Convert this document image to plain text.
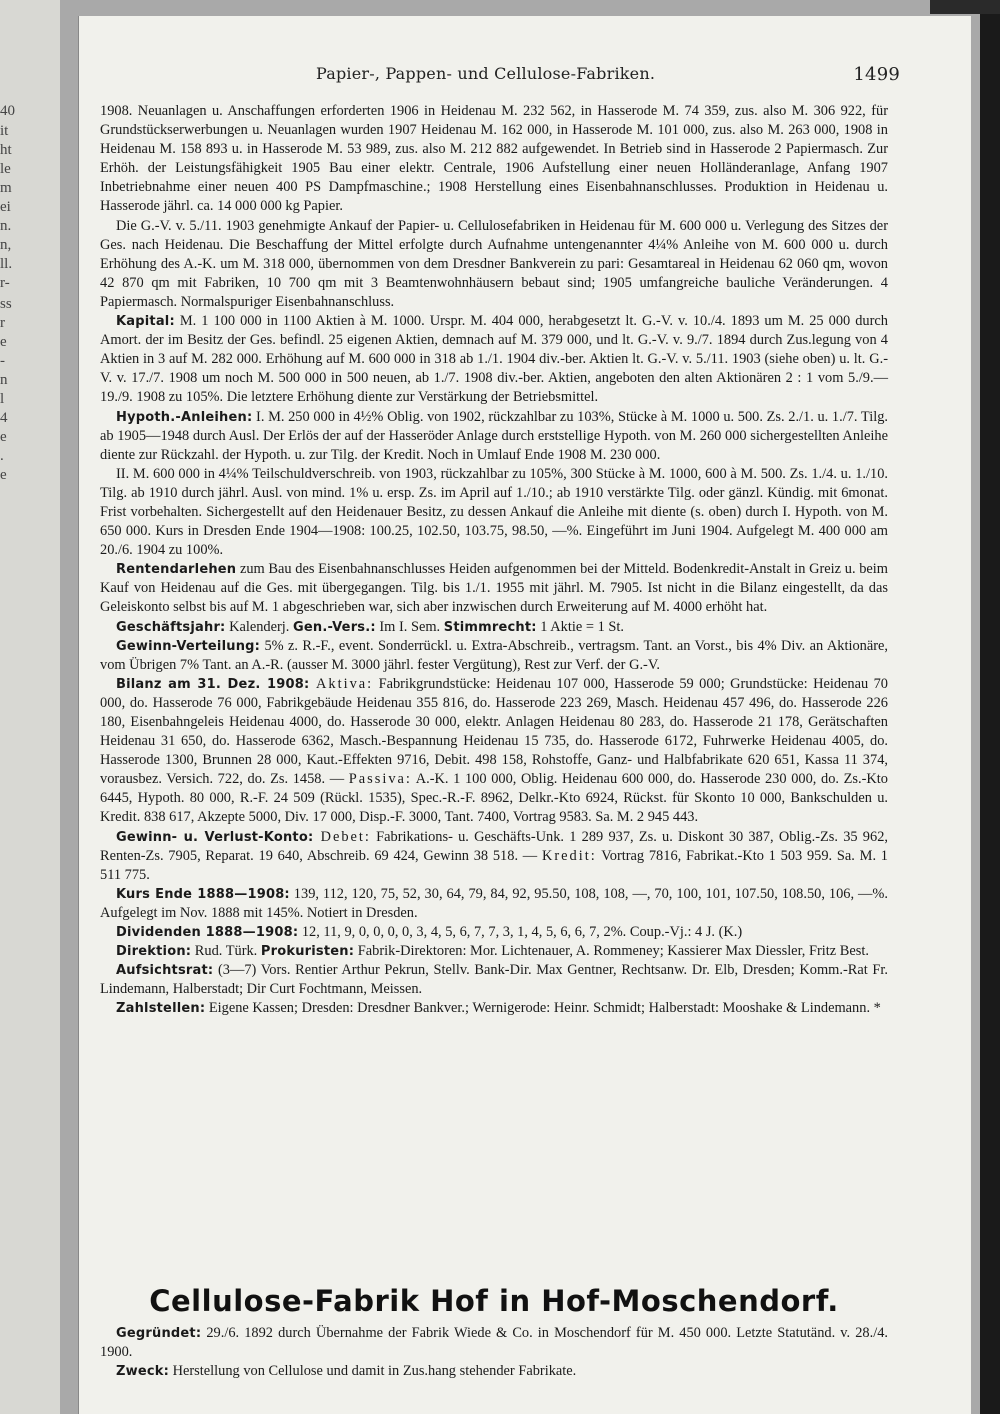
40
it
ht
le
m
ei
n.
n,
ll.
r-
ss
r
e
-
n
l
4
e
.
e
Papier-, Pappen- und Cellulose-Fabriken.	1499

1908. Neuanlagen u. Anschaffungen erforderten 1906 in Heidenau M. 232 562, in Hasserode M. 74 359, zus. also M. 306 922, für Grundstückserwerbungen u. Neuanlagen wurden 1907 Heidenau M. 162 000, in Hasserode M. 101 000, zus. also M. 263 000, 1908 in Heidenau M. 158 893 u. in Hasserode M. 53 989, zus. also M. 212 882 aufgewendet. In Betrieb sind in Hasserode 2 Papiermasch. Zur Erhöh. der Leistungsfähigkeit 1905 Bau einer elektr. Centrale, 1906 Aufstellung einer neuen Holländeranlage, Anfang 1907 Inbetriebnahme einer neuen 400 PS Dampfmaschine.; 1908 Herstellung eines Eisenbahnanschlusses. Produktion in Heidenau u. Hasserode jährl. ca. 14 000 000 kg Papier.

Die G.-V. v. 5./11. 1903 genehmigte Ankauf der Papier- u. Cellulosefabriken in Heidenau für M. 600 000 u. Verlegung des Sitzes der Ges. nach Heidenau. Die Beschaffung der Mittel erfolgte durch Aufnahme untengenannter 4¼% Anleihe von M. 600 000 u. durch Erhöhung des A.-K. um M. 318 000, übernommen von dem Dresdner Bankverein zu pari: Gesamtareal in Heidenau 62 060 qm, wovon 42 870 qm mit Fabriken, 10 700 qm mit 3 Beamtenwohnhäusern bebaut sind; 1905 umfangreiche bauliche Veränderungen. 4 Papiermasch. Normalspuriger Eisenbahnanschluss.

Kapital: M. 1 100 000 in 1100 Aktien à M. 1000. Urspr. M. 404 000, herabgesetzt lt. G.-V. v. 10./4. 1893 um M. 25 000 durch Amort. der im Besitz der Ges. befindl. 25 eigenen Aktien, demnach auf M. 379 000, und lt. G.-V. v. 9./7. 1894 durch Zus.legung von 4 Aktien in 3 auf M. 282 000. Erhöhung auf M. 600 000 in 318 ab 1./1. 1904 div.-ber. Aktien lt. G.-V. v. 5./11. 1903 (siehe oben) u. lt. G.-V. v. 17./7. 1908 um noch M. 500 000 in 500 neuen, ab 1./7. 1908 div.-ber. Aktien, angeboten den alten Aktionären 2 : 1 vom 5./9.—19./9. 1908 zu 105%. Die letztere Erhöhung diente zur Verstärkung der Betriebsmittel.

Hypoth.-Anleihen: I. M. 250 000 in 4½% Oblig. von 1902, rückzahlbar zu 103%, Stücke à M. 1000 u. 500. Zs. 2./1. u. 1./7. Tilg. ab 1905—1948 durch Ausl. Der Erlös der auf der Hasseröder Anlage durch erststellige Hypoth. von M. 260 000 sichergestellten Anleihe diente zur Rückzahl. der Hypoth. u. zur Tilg. der Kredit. Noch in Umlauf Ende 1908 M. 230 000.

II. M. 600 000 in 4¼% Teilschuldverschreib. von 1903, rückzahlbar zu 105%, 300 Stücke à M. 1000, 600 à M. 500. Zs. 1./4. u. 1./10. Tilg. ab 1910 durch jährl. Ausl. von mind. 1% u. ersp. Zs. im April auf 1./10.; ab 1910 verstärkte Tilg. oder gänzl. Kündig. mit 6monat. Frist vorbehalten. Sichergestellt auf den Heidenauer Besitz, zu dessen Ankauf die Anleihe mit diente (s. oben) durch I. Hypoth. von M. 650 000. Kurs in Dresden Ende 1904—1908: 100.25, 102.50, 103.75, 98.50, —%. Eingeführt im Juni 1904. Aufgelegt M. 400 000 am 20./6. 1904 zu 100%.

Rentendarlehen zum Bau des Eisenbahnanschlusses Heiden aufgenommen bei der Mitteld. Bodenkredit-Anstalt in Greiz u. beim Kauf von Heidenau auf die Ges. mit übergegangen. Tilg. bis 1./1. 1955 mit jährl. M. 7905. Ist nicht in die Bilanz eingestellt, da das Geleiskonto selbst bis auf M. 1 abgeschrieben war, sich aber inzwischen durch Erweiterung auf M. 4000 erhöht hat.

Geschäftsjahr: Kalenderj. Gen.-Vers.: Im I. Sem. Stimmrecht: 1 Aktie = 1 St.

Gewinn-Verteilung: 5% z. R.-F., event. Sonderrückl. u. Extra-Abschreib., vertragsm. Tant. an Vorst., bis 4% Div. an Aktionäre, vom Übrigen 7% Tant. an A.-R. (ausser M. 3000 jährl. fester Vergütung), Rest zur Verf. der G.-V.

Bilanz am 31. Dez. 1908: Aktiva: Fabrikgrundstücke: Heidenau 107 000, Hasserode 59 000; Grundstücke: Heidenau 70 000, do. Hasserode 76 000, Fabrikgebäude Heidenau 355 816, do. Hasserode 223 269, Masch. Heidenau 457 496, do. Hasserode 226 180, Eisenbahngeleis Heidenau 4000, do. Hasserode 30 000, elektr. Anlagen Heidenau 80 283, do. Hasserode 21 178, Gerätschaften Heidenau 31 650, do. Hasserode 6362, Masch.-Bespannung Heidenau 15 735, do. Hasserode 6172, Fuhrwerke Heidenau 4005, do. Hasserode 1300, Brunnen 28 000, Kaut.-Effekten 9716, Debit. 498 158, Rohstoffe, Ganz- und Halbfabrikate 620 651, Kassa 11 374, vorausbez. Versich. 722, do. Zs. 1458. — Passiva: A.-K. 1 100 000, Oblig. Heidenau 600 000, do. Hasserode 230 000, do. Zs.-Kto 6445, Hypoth. 80 000, R.-F. 24 509 (Rückl. 1535), Spec.-R.-F. 8962, Delkr.-Kto 6924, Rückst. für Skonto 10 000, Bankschulden u. Kredit. 838 617, Akzepte 5000, Div. 17 000, Disp.-F. 3000, Tant. 7400, Vortrag 9583. Sa. M. 2 945 443.

Gewinn- u. Verlust-Konto: Debet: Fabrikations- u. Geschäfts-Unk. 1 289 937, Zs. u. Diskont 30 387, Oblig.-Zs. 35 962, Renten-Zs. 7905, Reparat. 19 640, Abschreib. 69 424, Gewinn 38 518. — Kredit: Vortrag 7816, Fabrikat.-Kto 1 503 959. Sa. M. 1 511 775.

Kurs Ende 1888—1908: 139, 112, 120, 75, 52, 30, 64, 79, 84, 92, 95.50, 108, 108, —, 70, 100, 101, 107.50, 108.50, 106, —%. Aufgelegt im Nov. 1888 mit 145%. Notiert in Dresden.

Dividenden 1888—1908: 12, 11, 9, 0, 0, 0, 0, 3, 4, 5, 6, 7, 7, 3, 1, 4, 5, 6, 6, 7, 2%. Coup.-Vj.: 4 J. (K.)

Direktion: Rud. Türk. Prokuristen: Fabrik-Direktoren: Mor. Lichtenauer, A. Rommeney; Kassierer Max Diessler, Fritz Best.

Aufsichtsrat: (3—7) Vors. Rentier Arthur Pekrun, Stellv. Bank-Dir. Max Gentner, Rechtsanw. Dr. Elb, Dresden; Komm.-Rat Fr. Lindemann, Halberstadt; Dir Curt Fochtmann, Meissen.

Zahlstellen: Eigene Kassen; Dresden: Dresdner Bankver.; Wernigerode: Heinr. Schmidt; Halberstadt: Mooshake & Lindemann. *

Cellulose-Fabrik Hof in Hof-Moschendorf.

Gegründet: 29./6. 1892 durch Übernahme der Fabrik Wiede & Co. in Moschendorf für M. 450 000. Letzte Statutänd. v. 28./4. 1900.

Zweck: Herstellung von Cellulose und damit in Zus.hang stehender Fabrikate.
